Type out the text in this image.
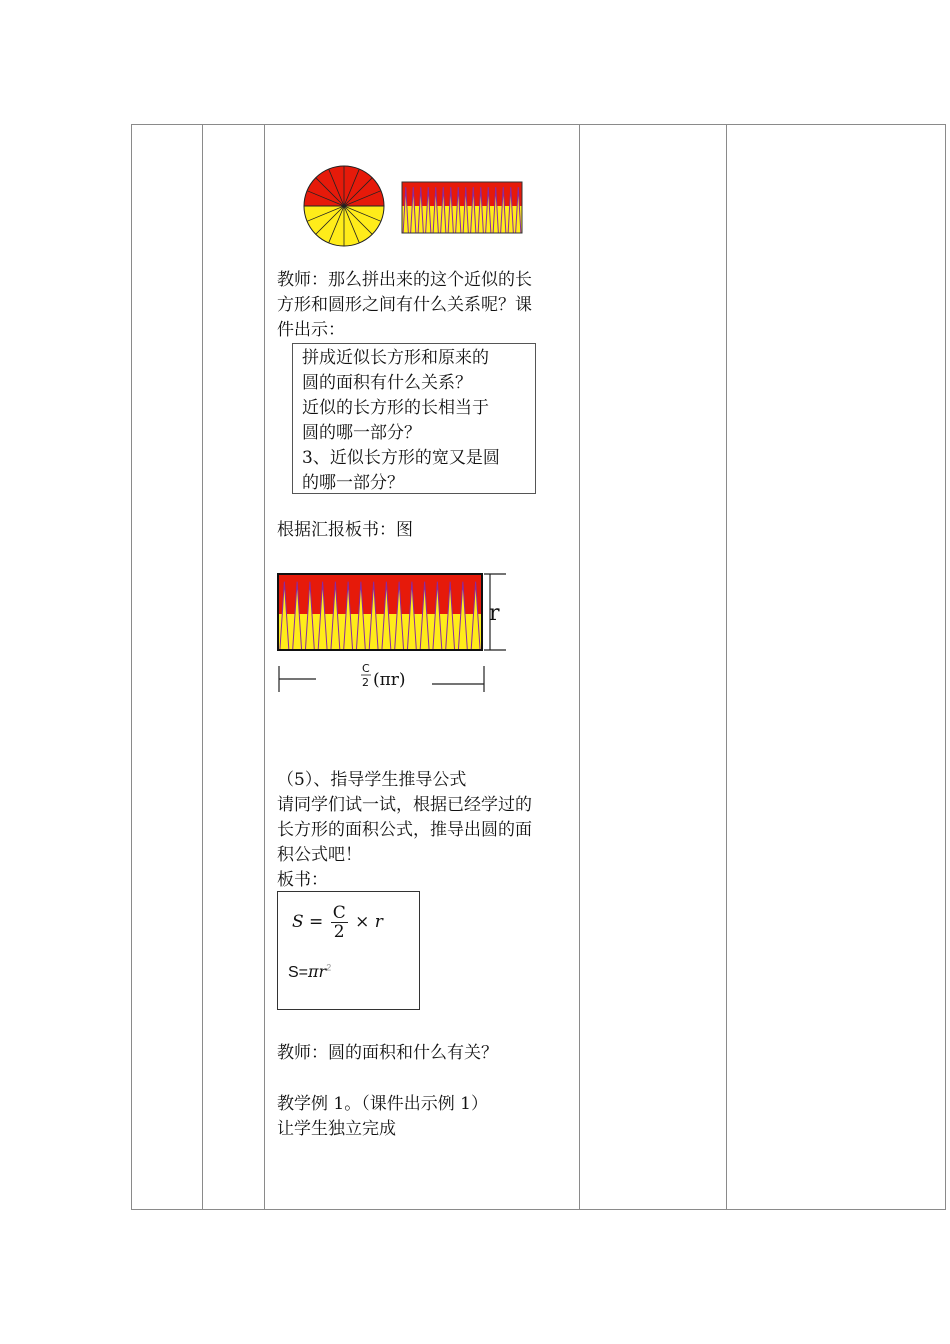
教师：那么拼出来的这个近似的长
方形和圆形之间有什么关系呢？课
件出示：
拼成近似长方形和原来的
圆的面积有什么关系？
近似的长方形的长相当于
圆的哪一部分？
3、近似长方形的宽又是圆
的哪一部分？
根据汇报板书：图
r
C
2 (πr)
（5）、指导学生推导公式
请同学们试一试，根据已经学过的
长方形的面积公式，推导出圆的面
积公式吧！
板书：
$S = \frac{C}{2} \times r$
$S=\pi r^2$
教师：圆的面积和什么有关？
教学例 1。（课件出示例 1）
让学生独立完成
